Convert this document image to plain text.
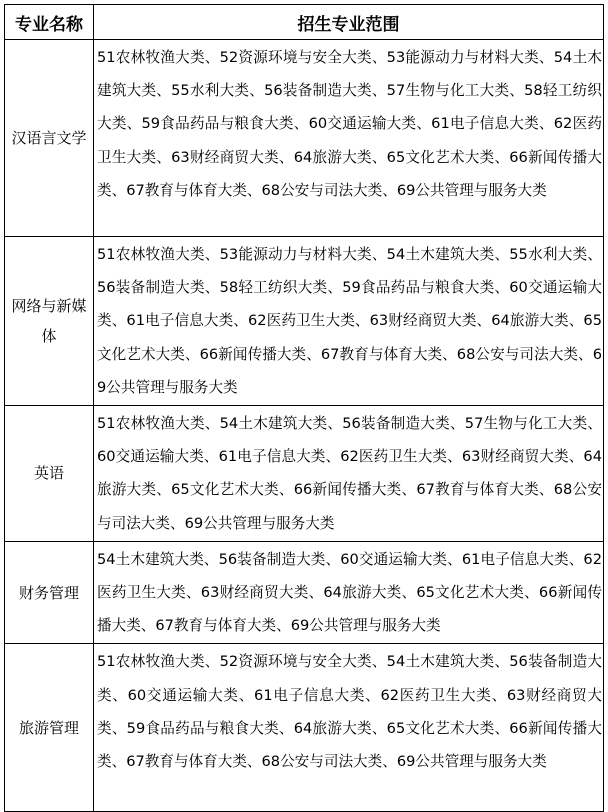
专业名称	招生专业范围
汉语言文学	51农林牧渔大类、52资源环境与安全大类、53能源动力与材料大类、54土木建筑大类、55水利大类、56装备制造大类、57生物与化工大类、58轻工纺织大类、59食品药品与粮食大类、60交通运输大类、61电子信息大类、62医药卫生大类、63财经商贸大类、64旅游大类、65文化艺术大类、66新闻传播大类、67教育与体育大类、68公安与司法大类、69公共管理与服务大类
网络与新媒体	51农林牧渔大类、53能源动力与材料大类、54土木建筑大类、55水利大类、56装备制造大类、58轻工纺织大类、59食品药品与粮食大类、60交通运输大类、61电子信息大类、62医药卫生大类、63财经商贸大类、64旅游大类、65文化艺术大类、66新闻传播大类、67教育与体育大类、68公安与司法大类、69公共管理与服务大类
英语	51农林牧渔大类、54土木建筑大类、56装备制造大类、57生物与化工大类、60交通运输大类、61电子信息大类、62医药卫生大类、63财经商贸大类、64旅游大类、65文化艺术大类、66新闻传播大类、67教育与体育大类、68公安与司法大类、69公共管理与服务大类
财务管理	54土木建筑大类、56装备制造大类、60交通运输大类、61电子信息大类、62医药卫生大类、63财经商贸大类、64旅游大类、65文化艺术大类、66新闻传播大类、67教育与体育大类、69公共管理与服务大类
旅游管理	51农林牧渔大类、52资源环境与安全大类、54土木建筑大类、56装备制造大类、60交通运输大类、61电子信息大类、62医药卫生大类、63财经商贸大类、59食品药品与粮食大类、64旅游大类、65文化艺术大类、66新闻传播大类、67教育与体育大类、68公安与司法大类、69公共管理与服务大类
